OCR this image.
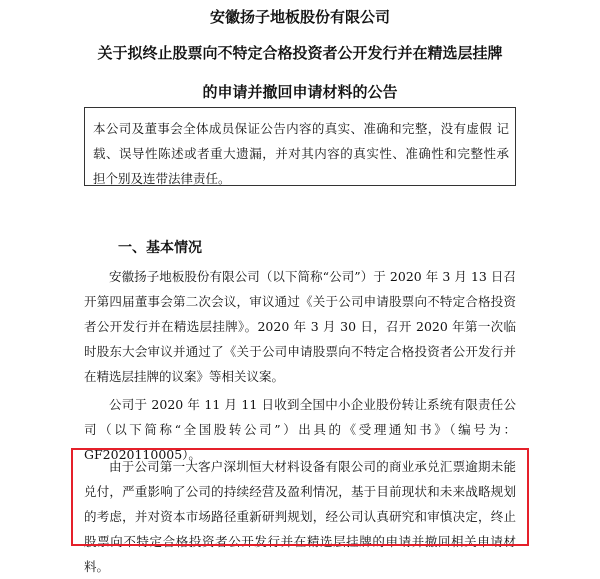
安徽扬子地板股份有限公司
关于拟终止股票向不特定合格投资者公开发行并在精选层挂牌
的申请并撤回申请材料的公告
本公司及董事会全体成员保证公告内容的真实、准确和完整，没有虚假 记载、误导性陈述或者重大遗漏，并对其内容的真实性、准确性和完整性承 担个别及连带法律责任。
一、基本情况

安徽扬子地板股份有限公司（以下简称“公司”）于 2020 年 3 月 13 日召开第四届董事会第二次会议，审议通过《关于公司申请股票向不特定合格投资者公开发行并在精选层挂牌》。2020 年 3 月 30 日，召开 2020 年第一次临时股东大会审议并通过了《关于公司申请股票向不特定合格投资者公开发行并在精选层挂牌的议案》等相关议案。

公司于 2020 年 11 月 11 日收到全国中小企业股份转让系统有限责任公司（以下简称“全国股转公司”）出具的《受理通知书》（编号为：GF2020110005）。

由于公司第一大客户深圳恒大材料设备有限公司的商业承兑汇票逾期未能兑付，严重影响了公司的持续经营及盈利情况，基于目前现状和未来战略规划的考虑，并对资本市场路径重新研判规划，经公司认真研究和审慎决定，终止股票向不特定合格投资者公开发行并在精选层挂牌的申请并撤回相关申请材料。
